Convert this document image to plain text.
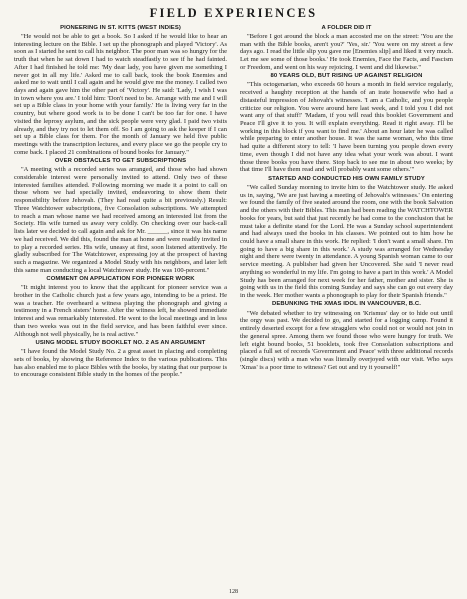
FIELD EXPERIENCES
PIONEERING IN ST. KITTS (WEST INDIES)

"He would not be able to get a book. So I asked if he would like to hear an interesting lecture on the Bible. I set up the phonograph and played 'Victory'. As soon as I started he sent to call his neighbor. The poor man was so hungry for the truth that when he sat down I had to watch steadfastly to see if he had fainted. After I had finished he told me: 'My dear lady, you have given me something I never got in all my life.' Asked me to call back, took the book Enemies and asked me to wait until I call again and he would give me the money. I called two days and again gave him the other part of 'Victory'. He said: 'Lady, I wish I was in town where you are.' I told him: 'Don't need to be. Arrange with me and I will set up a Bible class in your home with your family.' He is living very far in the country, but where good work is to be done I can't be too far for one. I have visited the leprosy asylum, and the sick people were very glad. I paid two visits already, and they try not to let them off. So I am going to ask the keeper if I can set up a Bible class for them. For the month of January we held five public meetings with the transcription lectures, and every place we go the people cry to come back. I placed 21 combinations of bound books for January."

OVER OBSTACLES TO GET SUBSCRIPTIONS

"A meeting with a recorded series was arranged, and those who had shown considerable interest were personally invited to attend. Only two of these interested families attended. Following morning we made it a point to call on those whom we had specially invited, endeavoring to show them their responsibility before Jehovah. (They had read quite a bit previously.) Result: Three Watchtower subscriptions, five Consolation subscriptions. We attempted to reach a man whose name we had received among an interested list from the Society. His wife turned us away very coldly. On checking over our back-call lists later we decided to call again and ask for Mr. ______, since it was his name we had received. We did this, found the man at home and were readily invited in to play a recorded series. His wife, uneasy at first, soon listened attentively. He gladly subscribed for The Watchtower, expressing joy at the prospect of having such a magazine. We organized a Model Study with his neighbors, and later left this same man conducting a local Watchtower study. He was 100-percent."

COMMENT ON APPLICATION FOR PIONEER WORK

"It might interest you to know that the applicant for pioneer service was a brother in the Catholic church just a few years ago, intending to be a priest. He was a teacher. He overheard a witness playing the phonograph and giving a testimony in a French sisters' home. After the witness left, he showed immediate interest and was remarkably interested. He went to the local meetings and in less than two weeks was out in the field service, and has been faithful ever since. Although not well physically, he is real active."

USING MODEL STUDY BOOKLET NO. 2 AS AN ARGUMENT

"I have found the Model Study No. 2 a great asset in placing and completing sets of books, by showing the Reference Index to the various publications. This has also enabled me to place Bibles with the books, by stating that our purpose is to encourage consistent Bible study in the homes of the people."

A FOLDER DID IT

"Before I got around the block a man accosted me on the street: 'You are the man with the Bible books, aren't you?' 'Yes, sir.' 'You were on my street a few days ago. I read the little slip you gave me [Enemies slip] and liked it very much. Let me see some of those books.' He took Enemies, Face the Facts, and Fascism or Freedom, and went on his way rejoicing. I went and did likewise."

80 YEARS OLD, BUT RISING UP AGAINST RELIGION

"This octogenarian, who exceeds 60 hours a month in field service regularly, received a haughty reception at the hands of an irate housewife who had a distasteful impression of Jehovah's witnesses. 'I am a Catholic, and you people criticize our religion. You were around here last week, and I told you I did not want any of that stuff!' 'Madam, if you will read this booklet Government and Peace I'll give it to you. It will explain everything. Read it right away. I'll be working in this block if you want to find me.' About an hour later he was called while preparing to enter another house. It was the same woman, who this time had quite a different story to tell: 'I have been turning you people down every time, even though I did not have any idea what your work was about. I want those three books you have there. Stop back to see me in about two weeks; by that time I'll have them read and will probably want some others.'"

STARTED AND CONDUCTED HIS OWN FAMILY STUDY

"We called Sunday morning to invite him to the Watchtower study. He asked us in, saying, 'We are just having a meeting of Jehovah's witnesses.' On entering we found the family of five seated around the room, one with the book Salvation and the others with their Bibles. This man had been reading the WATCHTOWER books for years, but said that just recently he had come to the conclusion that he must take a definite stand for the Lord. He was a Sunday school superintendent and had always used the books in his classes. We pointed out to him how he could have a small share in this work. He replied: 'I don't want a small share. I'm going to have a big share in this work.' A study was arranged for Wednesday night and there were twenty in attendance. A young Spanish woman came to our service meeting. A publisher had given her Uncovered. She said 'I never read anything so wonderful in my life. I'm going to have a part in this work.' A Model Study has been arranged for next week for her father, mother and sister. She is going with us in the field this coming Sunday and says she can go out every day in the week. Her mother wants a phonograph to play for their Spanish friends."

DEBUNKING THE XMAS IDOL IN VANCOUVER, B.C.

"We debated whether to try witnessing on 'Krismus' day or to hide out until the orgy was past. We decided to go, and started for a logging camp. Found it entirely deserted except for a few stragglers who could not or would not join in the general spree. Among them we found those who were hungry for truth. We left eight bound books, 51 booklets, took five Consolation subscriptions and placed a full set of records 'Government and Peace' with three additional records (single discs) with a man who was literally overjoyed with our visit. Who says 'Xmas' is a poor time to witness? Get out and try it yourself!"

128
